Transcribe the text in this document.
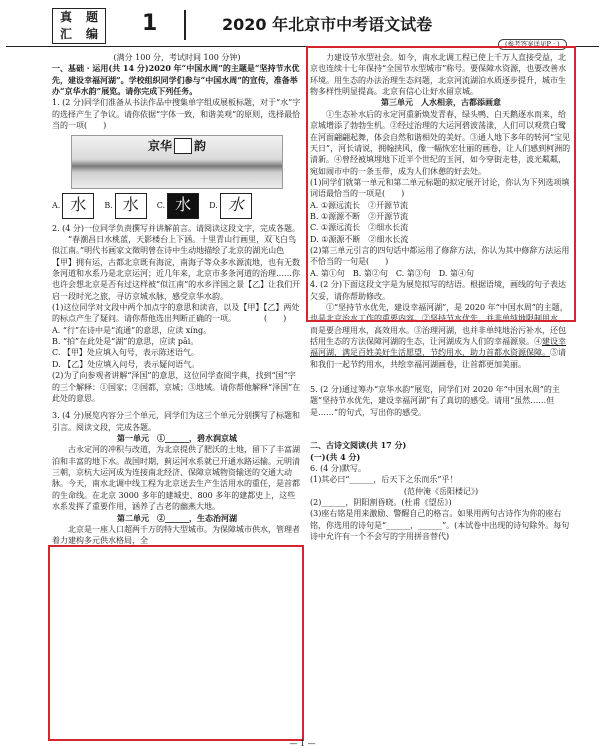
真	题
汇	编	1	2020 年北京市中考语文试卷
(参考答案详见P · )

(满分 100 分，考试时间 100 分钟)

一、基础 · 运用(共 14 分)2020 年“中国水周”的主题是“坚持节水优先，建设幸福河湖”。学校组织同学们参与“中国水周”的宣传，准备举办“京华水韵”展览。请你完成下列任务。

1. (2 分)同学们准备从书法作品中搜集单字组成展板标题，对于“水”字的选择产生了争议。请你依据“字体一致，和谐美观”的原则，选择最恰当的一项(　　)

京华 韵
A. 水	B. 水	C. 水	D. 水

2. (4 分)一位同学负责撰写并讲解前言。请阅读这段文字，完成各题。

“春潮昌日水桃蓝，天影楼台上下涵。十里青山行画里，双飞白鸟似江南。”明代书画家文徵明曾在诗中生动地描绘了北京的湖光山色【甲】拥有运，古都北京既有海淀，南海子等众多水源流地，也有无数条河道和水系乃是北京运河；近几年来，北京市多条河道的治理……你也许会想北京是否有过这样被“似江南”的水乡洋国之景【乙】让我们开启一段时光之旅，寻访京城水脉，感受京华水韵。

(1)这位同学对文段中两个加点字的意思和读音，以及【甲】【乙】两处的标点产生了疑问。请你帮他选出判断正确的一项。　　　　(　　)

A. “行”在诗中是“流通”的意思，应读 xíng。

B. “拍”在此处是“湖”的意思，应读 pāi。

C. 【甲】处应填入句号，表示陈述语气。

D. 【乙】处应填入问号，表示疑问语气。

(2)为了向参观者讲解“泽国”的意思，这位同学查阅字典，找到“国”字的三个解释：①国家；②国都，京城；③地域。请你帮他解释“泽国”在此处的意思。

3. (4 分)展览内容分三个单元，同学们为这三个单元分别撰写了标题和引言。阅读文段，完成各题。

第一单元　①______，碧水润京城

古永定河的冲积与改道，为北京提供了肥沃的土地，留下了丰富湖泊和丰富的地下水。战国时期，蓟运河水系就已开通水路运输。元明清三朝，京杭大运河成为连接南北经济、保障京城物资输送的交通大动脉。今天，南水北调中线工程为北京送去生产生活用水的重任，是首都的生命线。在北京 3000 多年的建城史、800 多年的建都史上，这些水系发挥了重要作用，涵养了古老的幽燕大地。

第二单元　②______，生态治河湖

北京是一座人口超两千万的特大型城市。为保障城市供水，管理者着力建构多元供水格局，全

力建设节水型社会。如今，南水北调工程已使上千万人直接受益，北京也连续十七年保持“全国节水型城市”称号。要保障水资源，也要改善水环境。用生态的办法治理生态问题，北京河流湖泊水质逐步提升，城市生物多样性明显提高。北京有信心让好水留京城。

第三单元　人水相亲，古都添画意

①生态补水后的永定河重新焕发青春，绿头鸭、白天鹅逐水而来，给京城增添了勃勃生机。②经过治理的大运河碧波荡漾，人们可以观赏白鹭在河面翩翩起舞，体会自然和谐相处的美好。③通人地下多年的转河“宝见天日”，河长请说，拥翰挟风，像一幅恢宏壮丽的画卷，让人们感到柯洲的清新。④曾经被填埋地下近半个世纪的玉河，如今穿街走巷，波光粼粼，宛如闹市中的一条玉带，成为人们休憩的好去处。

(1)同学们就第一单元和第二单元标题的拟定展开讨论，你认为下列选项填词语最恰当的一项是(　　)

A. ①源远流长　②开源节流

B. ①源源不断　②开源节流

C. ①源远流长　②细水长流

D. ①源源不断　②细水长流

(2)第三单元引言的四句话中都运用了修辞方法，你认为其中修辞方法运用不恰当的一句是(　　)

A. 第①句　B. 第②句　C. 第③句　D. 第④句

4. (2 分)下面这段文字是为展览拟写的结语。根据语境，画线的句子表达欠妥，请你帮助修改。

①“坚持节水优先，建设幸福河湖”，是 2020 年“中国水周”的主题，也是北京治水工作的重要内容。②坚持节水优先，并非单纯地限制用水，而是要合理用水，高效用水。③治理河湖，也并非单纯地治污补水，还包括用生态的方法保障河湖的生态，让河湖成为人们的幸福源泉。④建设幸福河湖，满足百姓美好生活愿望，节约用水，助力首都水资源保障。⑤请和我们一起节约用水，共绘幸福河湖画卷，让首都更加美丽。

5. (2 分)通过筹办“京华水韵”展览，同学们对 2020 年“中国水周”的主题“坚持节水优先，建设幸福河湖”有了真切的感受。请用“虽然……但是……”的句式，写出你的感受。

二、古诗文阅读(共 17 分)

(一)(共 4 分)

6. (4 分)默写。

(1)其必曰“______，后天下之乐而乐”乎！

(范仲淹《岳阳楼记》)

(2)______，阴阳割昏晓。(杜甫《望岳》)

(3)座右铭是用来激励、警醒自己的格言。如果用两句古诗作为你的座右铭，你选用的诗句是“______，______”。(本试卷中出现的诗句除外。每句诗中允许有一个不会写的字用拼音替代)

— 1 —
